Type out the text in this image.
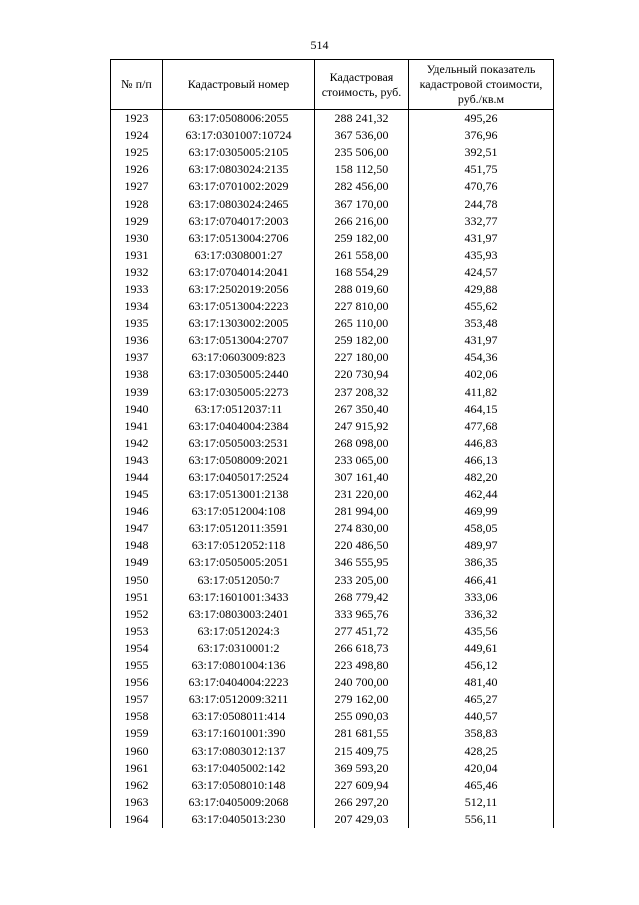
514
№ п/п	Кадастровый номер	Кадастровая стоимость, руб.	Удельный показатель кадастровой стоимости, руб./кв.м
1923	63:17:0508006:2055	288 241,32	495,26
1924	63:17:0301007:10724	367 536,00	376,96
1925	63:17:0305005:2105	235 506,00	392,51
1926	63:17:0803024:2135	158 112,50	451,75
1927	63:17:0701002:2029	282 456,00	470,76
1928	63:17:0803024:2465	367 170,00	244,78
1929	63:17:0704017:2003	266 216,00	332,77
1930	63:17:0513004:2706	259 182,00	431,97
1931	63:17:0308001:27	261 558,00	435,93
1932	63:17:0704014:2041	168 554,29	424,57
1933	63:17:2502019:2056	288 019,60	429,88
1934	63:17:0513004:2223	227 810,00	455,62
1935	63:17:1303002:2005	265 110,00	353,48
1936	63:17:0513004:2707	259 182,00	431,97
1937	63:17:0603009:823	227 180,00	454,36
1938	63:17:0305005:2440	220 730,94	402,06
1939	63:17:0305005:2273	237 208,32	411,82
1940	63:17:0512037:11	267 350,40	464,15
1941	63:17:0404004:2384	247 915,92	477,68
1942	63:17:0505003:2531	268 098,00	446,83
1943	63:17:0508009:2021	233 065,00	466,13
1944	63:17:0405017:2524	307 161,40	482,20
1945	63:17:0513001:2138	231 220,00	462,44
1946	63:17:0512004:108	281 994,00	469,99
1947	63:17:0512011:3591	274 830,00	458,05
1948	63:17:0512052:118	220 486,50	489,97
1949	63:17:0505005:2051	346 555,95	386,35
1950	63:17:0512050:7	233 205,00	466,41
1951	63:17:1601001:3433	268 779,42	333,06
1952	63:17:0803003:2401	333 965,76	336,32
1953	63:17:0512024:3	277 451,72	435,56
1954	63:17:0310001:2	266 618,73	449,61
1955	63:17:0801004:136	223 498,80	456,12
1956	63:17:0404004:2223	240 700,00	481,40
1957	63:17:0512009:3211	279 162,00	465,27
1958	63:17:0508011:414	255 090,03	440,57
1959	63:17:1601001:390	281 681,55	358,83
1960	63:17:0803012:137	215 409,75	428,25
1961	63:17:0405002:142	369 593,20	420,04
1962	63:17:0508010:148	227 609,94	465,46
1963	63:17:0405009:2068	266 297,20	512,11
1964	63:17:0405013:230	207 429,03	556,11
